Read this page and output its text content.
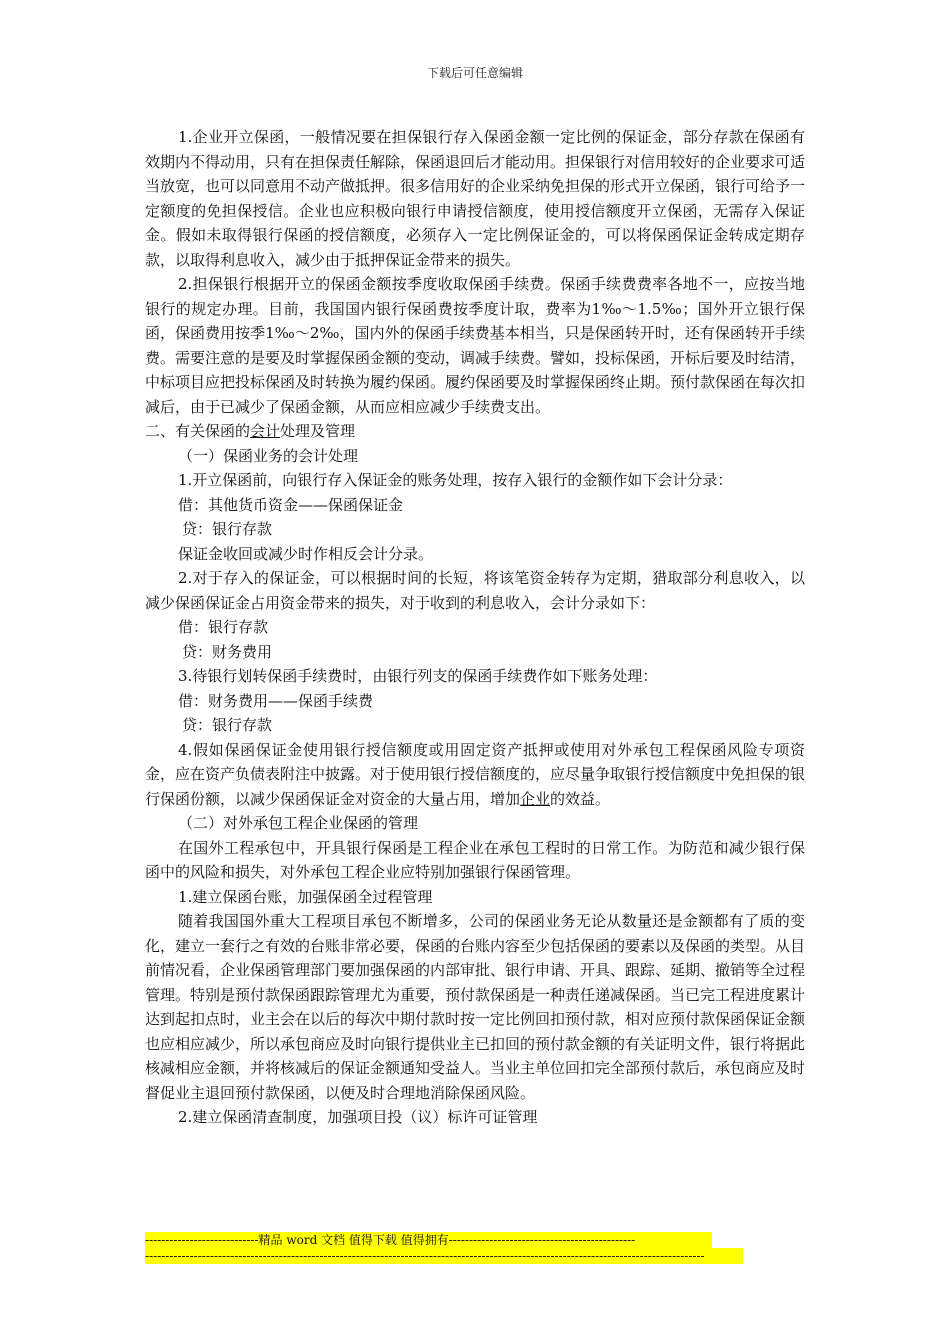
下载后可任意编辑

1.企业开立保函，一般情况要在担保银行存入保函金额一定比例的保证金，部分存款在保函有效期内不得动用，只有在担保责任解除，保函退回后才能动用。担保银行对信用较好的企业要求可适当放宽，也可以同意用不动产做抵押。很多信用好的企业采纳免担保的形式开立保函，银行可给予一定额度的免担保授信。企业也应积极向银行申请授信额度，使用授信额度开立保函，无需存入保证金。假如未取得银行保函的授信额度，必须存入一定比例保证金的，可以将保函保证金转成定期存款，以取得利息收入，减少由于抵押保证金带来的损失。

2.担保银行根据开立的保函金额按季度收取保函手续费。保函手续费费率各地不一，应按当地银行的规定办理。目前，我国国内银行保函费按季度计取，费率为1‰～1.5‰；国外开立银行保函，保函费用按季1‰～2‰，国内外的保函手续费基本相当，只是保函转开时，还有保函转开手续费。需要注意的是要及时掌握保函金额的变动，调减手续费。譬如，投标保函，开标后要及时结清，中标项目应把投标保函及时转换为履约保函。履约保函要及时掌握保函终止期。预付款保函在每次扣减后，由于已减少了保函金额，从而应相应减少手续费支出。

二、有关保函的会计处理及管理

（一）保函业务的会计处理

1.开立保函前，向银行存入保证金的账务处理，按存入银行的金额作如下会计分录：

借：其他货币资金——保函保证金

贷：银行存款

保证金收回或减少时作相反会计分录。

2.对于存入的保证金，可以根据时间的长短，将该笔资金转存为定期，猎取部分利息收入，以减少保函保证金占用资金带来的损失，对于收到的利息收入，会计分录如下：

借：银行存款

贷：财务费用

3.待银行划转保函手续费时，由银行列支的保函手续费作如下账务处理：

借：财务费用——保函手续费

贷：银行存款

4.假如保函保证金使用银行授信额度或用固定资产抵押或使用对外承包工程保函风险专项资金，应在资产负债表附注中披露。对于使用银行授信额度的，应尽量争取银行授信额度中免担保的银行保函份额，以减少保函保证金对资金的大量占用，增加企业的效益。

（二）对外承包工程企业保函的管理

在国外工程承包中，开具银行保函是工程企业在承包工程时的日常工作。为防范和减少银行保函中的风险和损失，对外承包工程企业应特别加强银行保函管理。

1.建立保函台账，加强保函全过程管理

随着我国国外重大工程项目承包不断增多，公司的保函业务无论从数量还是金额都有了质的变化，建立一套行之有效的台账非常必要，保函的台账内容至少包括保函的要素以及保函的类型。从目前情况看，企业保函管理部门要加强保函的内部审批、银行申请、开具、跟踪、延期、撤销等全过程管理。特别是预付款保函跟踪管理尤为重要，预付款保函是一种责任递减保函。当已完工程进度累计达到起扣点时，业主会在以后的每次中期付款时按一定比例回扣预付款，相对应预付款保函保证金额也应相应减少，所以承包商应及时向银行提供业主已扣回的预付款金额的有关证明文件，银行将据此核减相应金额，并将核减后的保证金额通知受益人。当业主单位回扣完全部预付款后，承包商应及时督促业主退回预付款保函，以便及时合理地消除保函风险。

2.建立保函清查制度，加强项目投（议）标许可证管理

----------------------------精品 word 文档 值得下载 值得拥有----------------------------------------------
------------------------------------------------------------------------------------------------------------------------------------------
